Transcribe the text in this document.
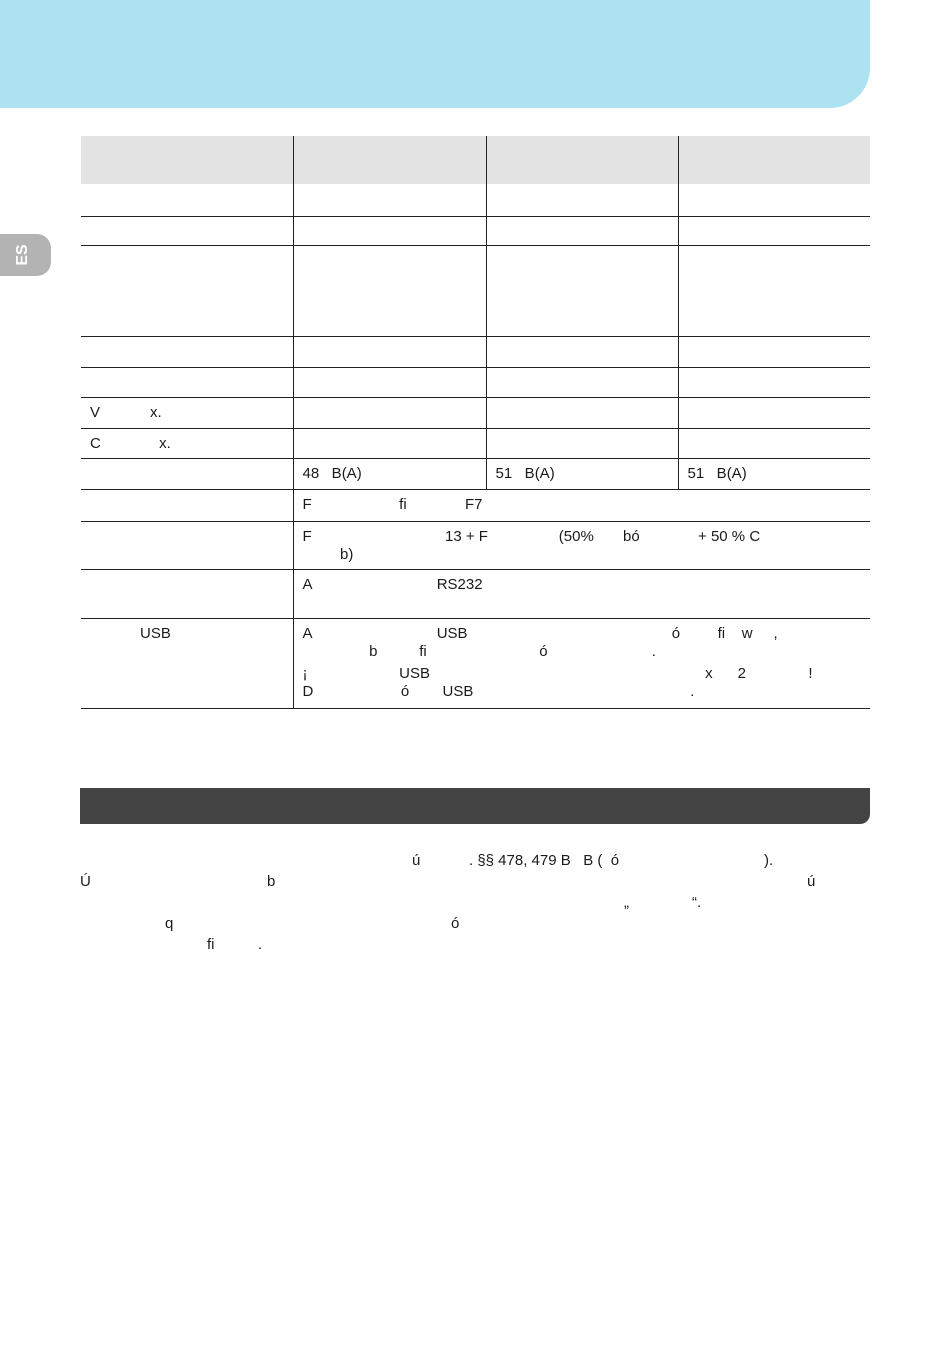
ES

V            x.			
C              x.			
	48   B(A)	51   B(A)	51   B(A)
	F                     fi              F7		
	F                                13 + F                 (50%       bó              + 50 % C
b)		
	A                              RS232		
USB	A                              USB                                                 ó         fi    w     ,
b          fi                           ó                         .

¡                      USB                                                                  x      2               !
D                     ó        USB                                                    .		

ú	. §§ 478, 479 B   B (  ó	).
Ú	b	ú
„	“.
q	ó
fi	.
